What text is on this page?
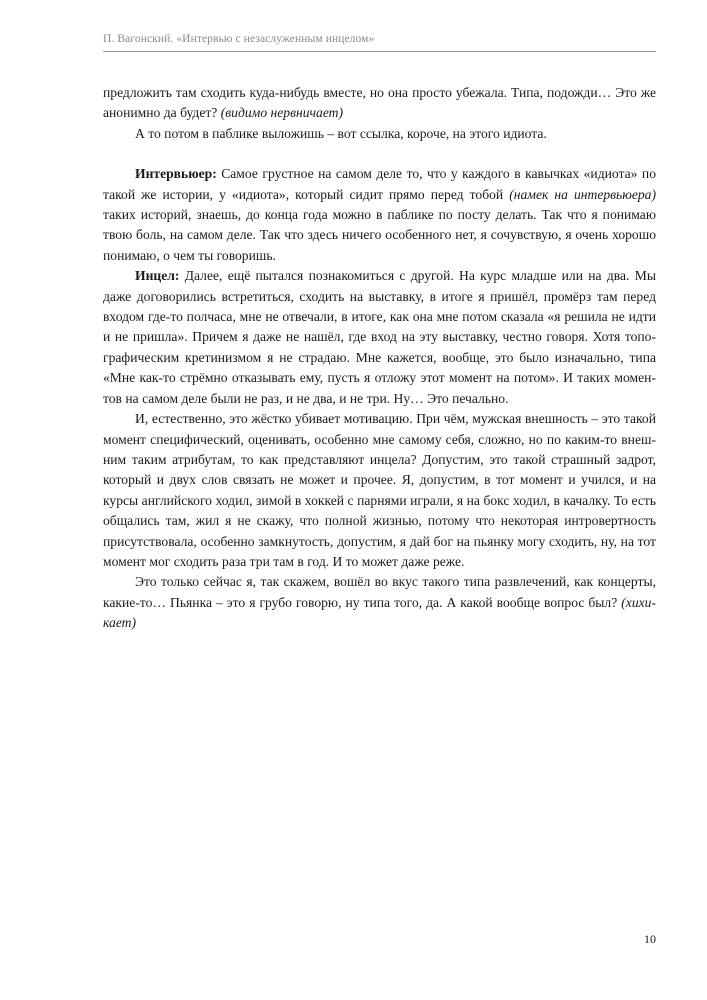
П. Вагонский. «Интервью с незаслуженным инцелом»

предложить там сходить куда-нибудь вместе, но она просто убежала. Типа, подожди… Это же анонимно да будет? (видимо нервничает)

А то потом в паблике выложишь – вот ссылка, короче, на этого идиота.

Интервьюер: Самое грустное на самом деле то, что у каждого в кавычках «идиота» по такой же истории, у «идиота», который сидит прямо перед тобой (намек на интервьюера) таких историй, знаешь, до конца года можно в паблике по посту делать. Так что я понимаю твою боль, на самом деле. Так что здесь ничего особенного нет, я сочувствую, я очень хорошо понимаю, о чем ты говоришь.

Инцел: Далее, ещё пытался познакомиться с другой. На курс младше или на два. Мы даже договорились встретиться, сходить на выставку, в итоге я пришёл, промёрз там перед входом где-то полчаса, мне не отвечали, в итоге, как она мне потом сказала «я решила не идти и не пришла». Причем я даже не нашёл, где вход на эту выставку, честно говоря. Хотя топографическим кретинизмом я не страдаю. Мне кажется, вообще, это было изначально, типа «Мне как-то стрёмно отказывать ему, пусть я отложу этот момент на потом». И таких моментов на самом деле были не раз, и не два, и не три. Ну… Это печально.

И, естественно, это жёстко убивает мотивацию. При чём, мужская внешность – это такой момент специфический, оценивать, особенно мне самому себя, сложно, но по каким-то внешним таким атрибутам, то как представляют инцела? Допустим, это такой страшный задрот, который и двух слов связать не может и прочее. Я, допустим, в тот момент и учился, и на курсы английского ходил, зимой в хоккей с парнями играли, я на бокс ходил, в качалку. То есть общались там, жил я не скажу, что полной жизнью, потому что некоторая интровертность присутствовала, особенно замкнутость, допустим, я дай бог на пьянку могу сходить, ну, на тот момент мог сходить раза три там в год. И то может даже реже.

Это только сейчас я, так скажем, вошёл во вкус такого типа развлечений, как концерты, какие-то… Пьянка – это я грубо говорю, ну типа того, да. А какой вообще вопрос был? (хихикает)

10
